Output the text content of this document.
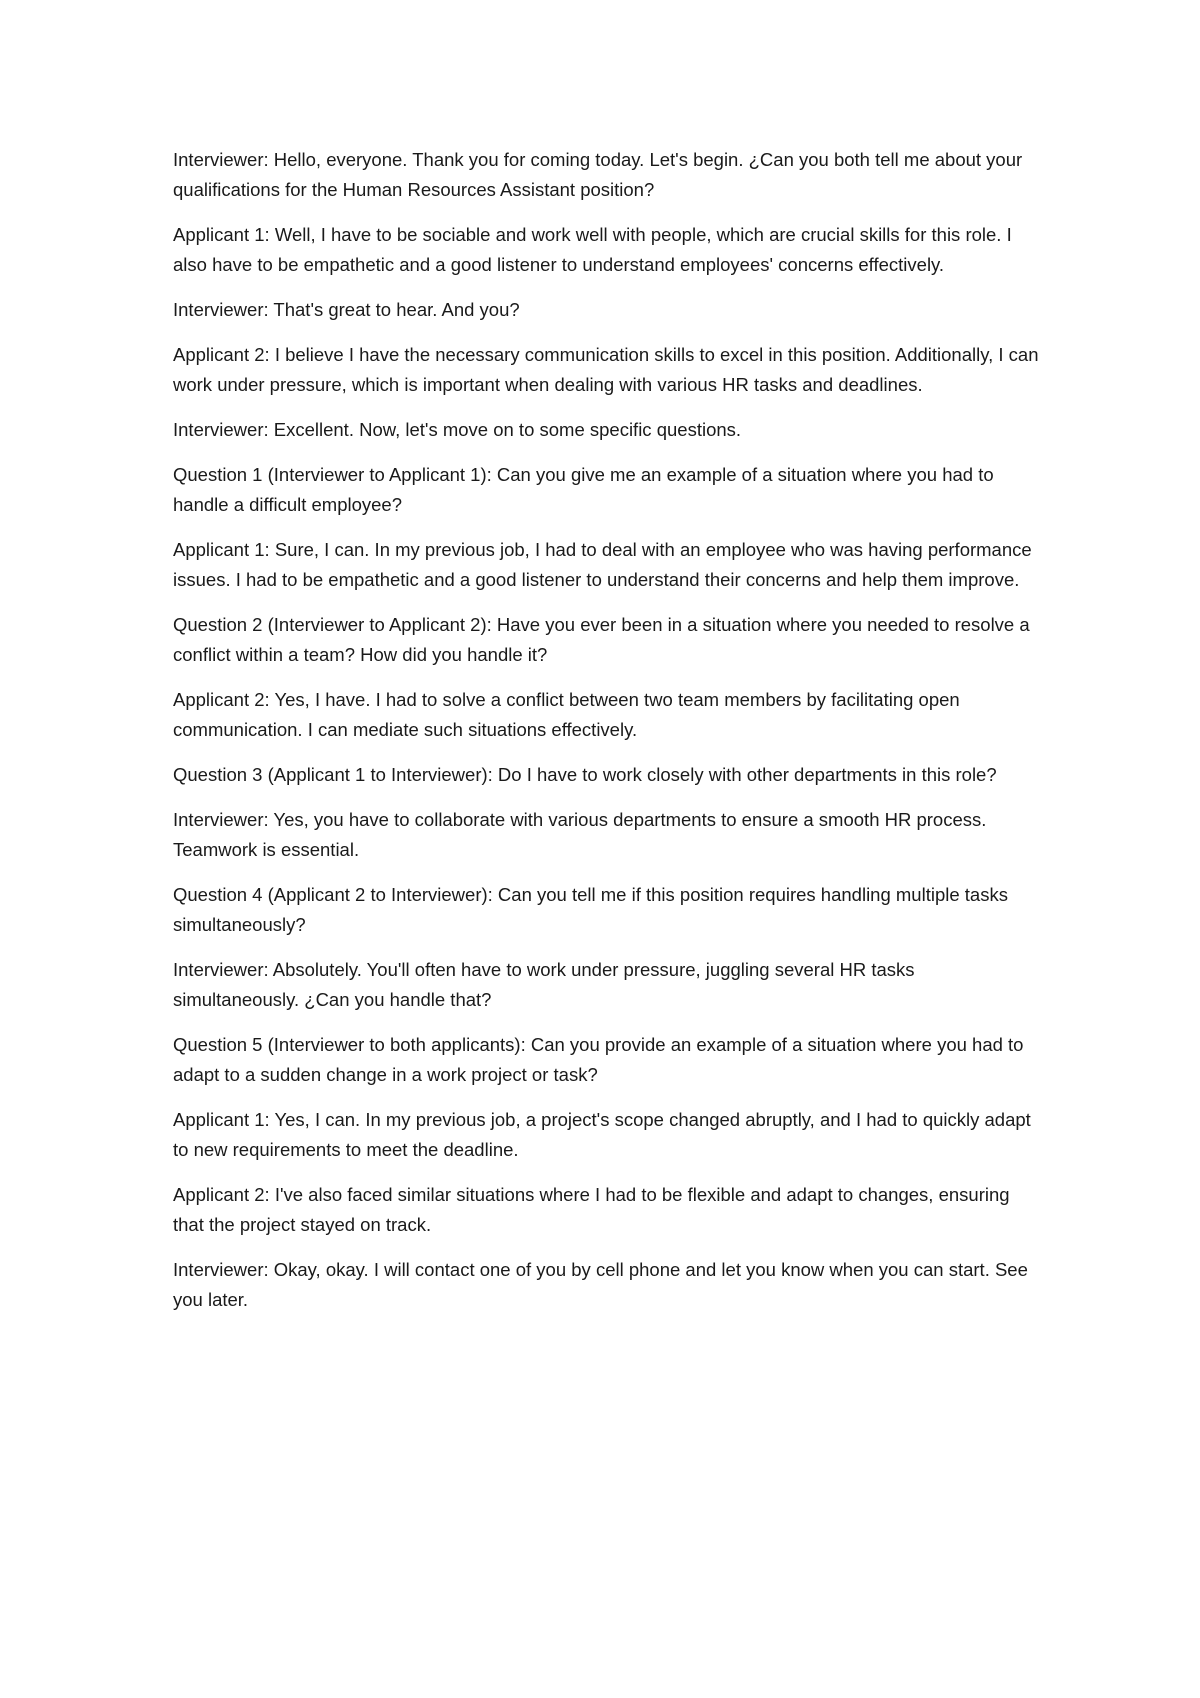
Interviewer: Hello, everyone. Thank you for coming today. Let's begin. ¿Can you both tell me about your qualifications for the Human Resources Assistant position?

Applicant 1: Well, I have to be sociable and work well with people, which are crucial skills for this role. I also have to be empathetic and a good listener to understand employees' concerns effectively.

Interviewer: That's great to hear. And you?

Applicant 2: I believe I have the necessary communication skills to excel in this position. Additionally, I can work under pressure, which is important when dealing with various HR tasks and deadlines.

Interviewer: Excellent. Now, let's move on to some specific questions.

Question 1 (Interviewer to Applicant 1): Can you give me an example of a situation where you had to handle a difficult employee?

Applicant 1: Sure, I can. In my previous job, I had to deal with an employee who was having performance issues. I had to be empathetic and a good listener to understand their concerns and help them improve.

Question 2 (Interviewer to Applicant 2): Have you ever been in a situation where you needed to resolve a conflict within a team? How did you handle it?

Applicant 2: Yes, I have. I had to solve a conflict between two team members by facilitating open communication. I can mediate such situations effectively.

Question 3 (Applicant 1 to Interviewer): Do I have to work closely with other departments in this role?

Interviewer: Yes, you have to collaborate with various departments to ensure a smooth HR process. Teamwork is essential.

Question 4 (Applicant 2 to Interviewer): Can you tell me if this position requires handling multiple tasks simultaneously?

Interviewer: Absolutely. You'll often have to work under pressure, juggling several HR tasks simultaneously. ¿Can you handle that?

Question 5 (Interviewer to both applicants): Can you provide an example of a situation where you had to adapt to a sudden change in a work project or task?

Applicant 1: Yes, I can. In my previous job, a project's scope changed abruptly, and I had to quickly adapt to new requirements to meet the deadline.

Applicant 2: I've also faced similar situations where I had to be flexible and adapt to changes, ensuring that the project stayed on track.

Interviewer: Okay, okay. I will contact one of you by cell phone and let you know when you can start. See you later.
